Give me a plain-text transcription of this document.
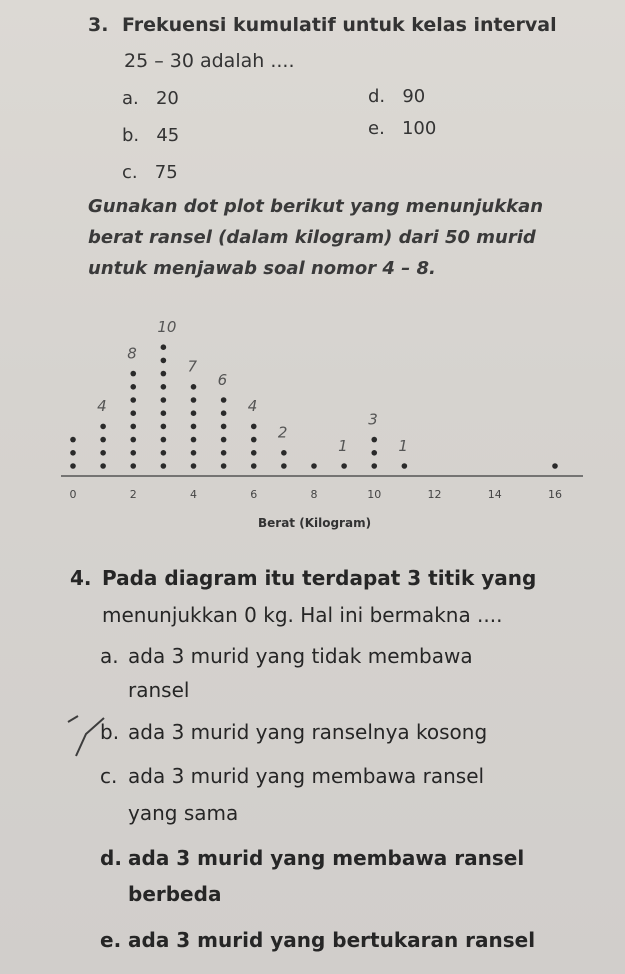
3. Frekuensi kumulatif untuk kelas interval
25 – 30 adalah ....
a. 20
b. 45
c. 75
d. 90
e. 100
Gunakan dot plot berikut yang menunjukkan
berat ransel (dalam kilogram) dari 50 murid
untuk menjawab soal nomor 4 – 8.
4
8
10
7
6
4
2
1
3
1
0	2	4	6	8	10	12	14	16
Berat (Kilogram)
4. Pada diagram itu terdapat 3 titik yang
menunjukkan 0 kg. Hal ini bermakna ....
a. ada 3 murid yang tidak membawa
ransel
b. ada 3 murid yang ranselnya kosong
c. ada 3 murid yang membawa ransel
yang sama
d. ada 3 murid yang membawa ransel
berbeda
e. ada 3 murid yang bertukaran ransel
